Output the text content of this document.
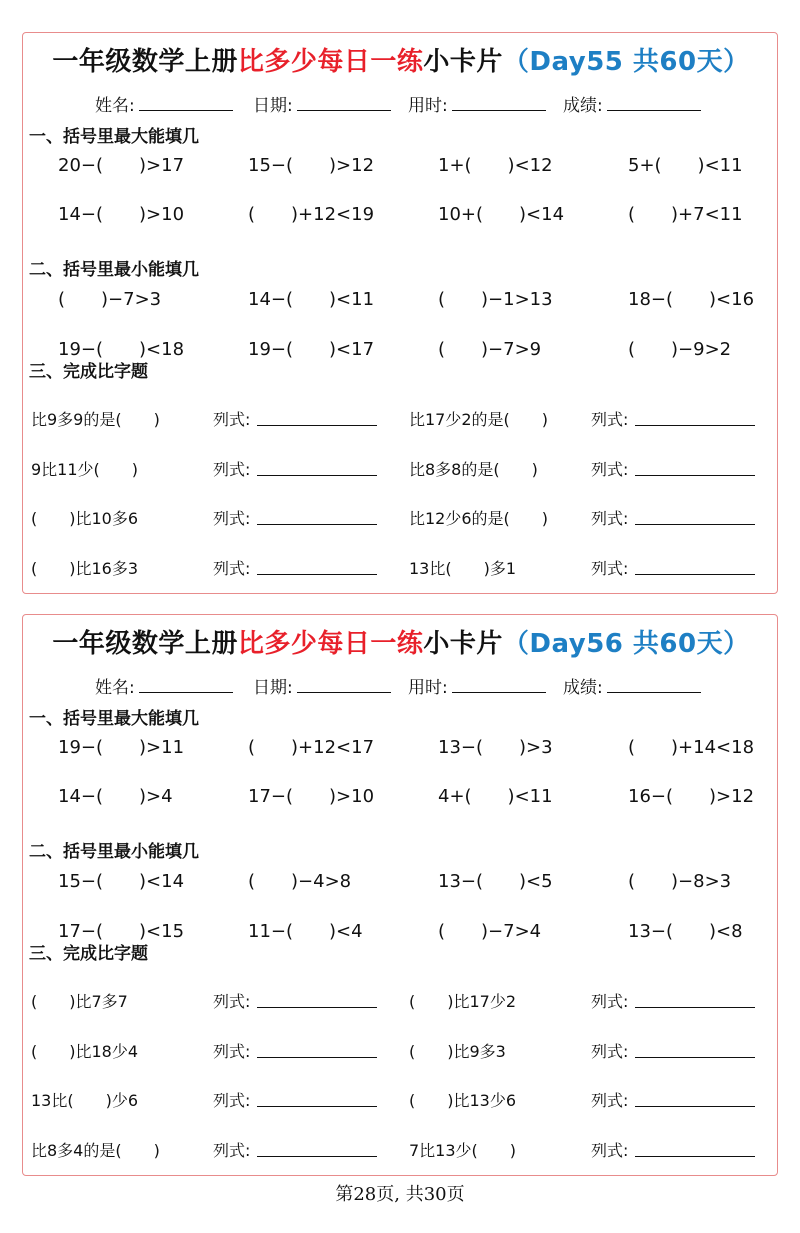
一年级数学上册比多少每日一练小卡片（Day55 共60天）
姓名:	日期:	用时:	成绩:
一、括号里最大能填几
20−(　　)>17	15−(　　)>12	1+(　　)<12	5+(　　)<11
14−(　　)>10	(　　)+12<19	10+(　　)<14	(　　)+7<11
二、括号里最小能填几
(　　)−7>3	14−(　　)<11	(　　)−1>13	18−(　　)<16
19−(　　)<18	19−(　　)<17	(　　)−7>9	(　　)−9>2
三、完成比字题
比9多9的是(　　)	列式:	比17少2的是(　　)	列式:
9比11少(　　)	列式:	比8多8的是(　　)	列式:
(　　)比10多6	列式:	比12少6的是(　　)	列式:
(　　)比16多3	列式:	13比(　　)多1	列式:
一年级数学上册比多少每日一练小卡片（Day56 共60天）
姓名:	日期:	用时:	成绩:
一、括号里最大能填几
19−(　　)>11	(　　)+12<17	13−(　　)>3	(　　)+14<18
14−(　　)>4	17−(　　)>10	4+(　　)<11	16−(　　)>12
二、括号里最小能填几
15−(　　)<14	(　　)−4>8	13−(　　)<5	(　　)−8>3
17−(　　)<15	11−(　　)<4	(　　)−7>4	13−(　　)<8
三、完成比字题
(　　)比7多7	列式:	(　　)比17少2	列式:
(　　)比18少4	列式:	(　　)比9多3	列式:
13比(　　)少6	列式:	(　　)比13少6	列式:
比8多4的是(　　)	列式:	7比13少(　　)	列式:
第28页, 共30页
